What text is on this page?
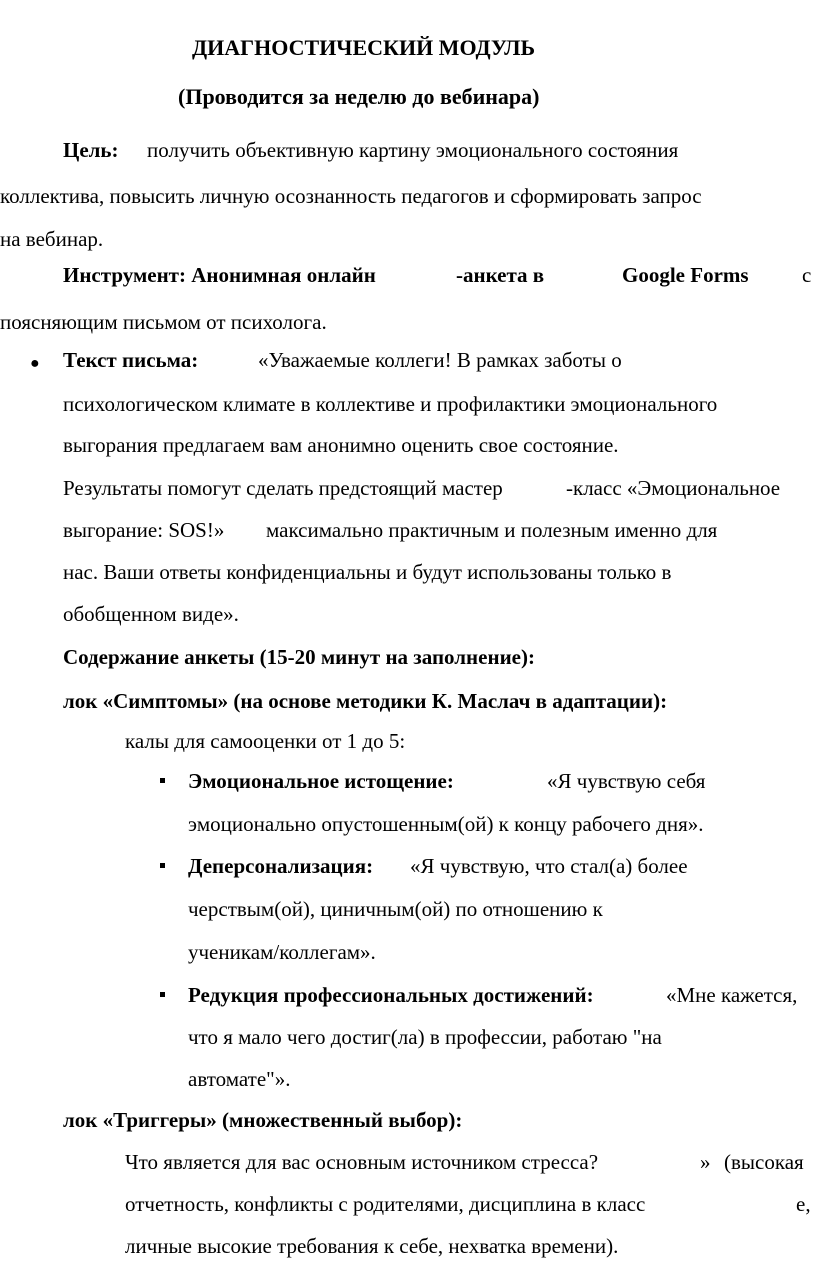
ДИАГНОСТИЧЕСКИЙ МОДУЛЬ
(Проводится за неделю до вебинара)
Цель: получить объективную картину эмоционального состояния
коллектива, повысить личную осознанность педагогов и сформировать запрос
на вебинар.
Инструмент: Анонимная онлайн	-анкета в	Google Forms	с
поясняющим письмом от психолога.
● Текст письма:	«Уважаемые коллеги! В рамках заботы о
психологическом климате в коллективе и профилактики эмоционального
выгорания предлагаем вам анонимно оценить свое состояние.
Результаты помогут сделать предстоящий мастер	-класс «Эмоциональное
выгорание: SOS!» максимально практичным и полезным именно для
нас. Ваши ответы конфиденциальны и будут использованы только в
обобщенном виде».
Содержание анкеты (15-20 минут на заполнение):
лок «Симптомы» (на основе методики К. Маслач в адаптации):
калы для самооценки от 1 до 5:
Эмоциональное истощение:	«Я чувствую себя
эмоционально опустошенным(ой) к концу рабочего дня».
Деперсонализация: «Я чувствую, что стал(а) более
черствым(ой), циничным(ой) по отношению к
ученикам/коллегам».
Редукция профессиональных достижений:	«Мне кажется,
что я мало чего достиг(ла) в профессии, работаю "на
автомате"».
лок «Триггеры» (множественный выбор):
Что является для вас основным источником стресса?	» (высокая
отчетность, конфликты с родителями, дисциплина в класс	е,
личные высокие требования к себе, нехватка времени).
